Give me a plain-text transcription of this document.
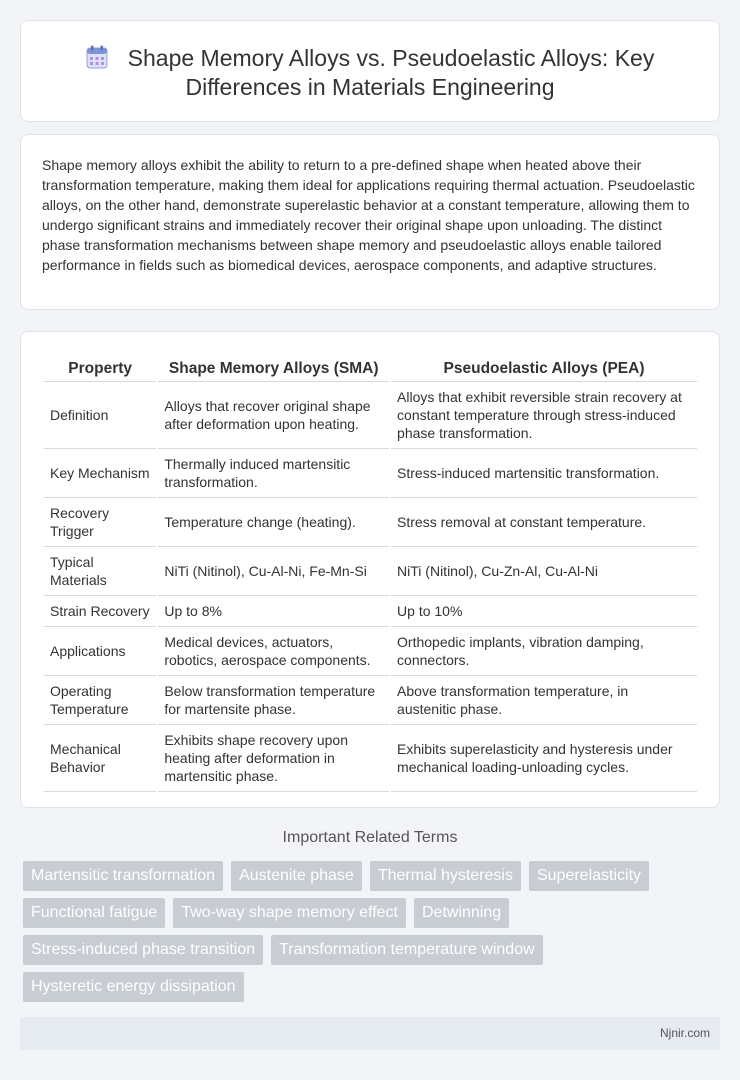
Shape Memory Alloys vs. Pseudoelastic Alloys: Key Differences in Materials Engineering

Shape memory alloys exhibit the ability to return to a pre-defined shape when heated above their transformation temperature, making them ideal for applications requiring thermal actuation. Pseudoelastic alloys, on the other hand, demonstrate superelastic behavior at a constant temperature, allowing them to undergo significant strains and immediately recover their original shape upon unloading. The distinct phase transformation mechanisms between shape memory and pseudoelastic alloys enable tailored performance in fields such as biomedical devices, aerospace components, and adaptive structures.

Property	Shape Memory Alloys (SMA)	Pseudoelastic Alloys (PEA)
Definition	Alloys that recover original shape after deformation upon heating.	Alloys that exhibit reversible strain recovery at constant temperature through stress-induced phase transformation.
Key Mechanism	Thermally induced martensitic transformation.	Stress-induced martensitic transformation.
Recovery Trigger	Temperature change (heating).	Stress removal at constant temperature.
Typical Materials	NiTi (Nitinol), Cu-Al-Ni, Fe-Mn-Si	NiTi (Nitinol), Cu-Zn-Al, Cu-Al-Ni
Strain Recovery	Up to 8%	Up to 10%
Applications	Medical devices, actuators, robotics, aerospace components.	Orthopedic implants, vibration damping, connectors.
Operating Temperature	Below transformation temperature for martensite phase.	Above transformation temperature, in austenitic phase.
Mechanical Behavior	Exhibits shape recovery upon heating after deformation in martensitic phase.	Exhibits superelasticity and hysteresis under mechanical loading-unloading cycles.
Important Related Terms
Martensitic transformation	Austenite phase	Thermal hysteresis	Superelasticity
Functional fatigue	Two-way shape memory effect	Detwinning
Stress-induced phase transition	Transformation temperature window
Hysteretic energy dissipation
Njnir.com
